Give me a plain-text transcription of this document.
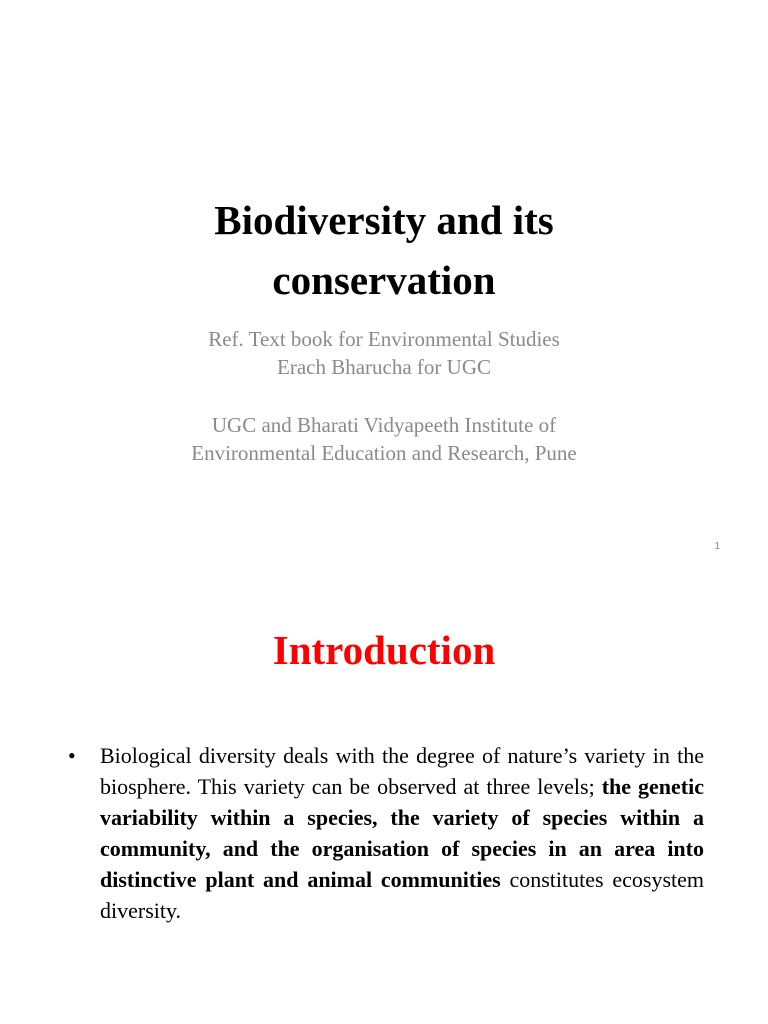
Biodiversity and its
conservation
Ref. Text book for Environmental Studies
Erach Bharucha for UGC
UGC and Bharati Vidyapeeth Institute of
Environmental Education and Research, Pune
1
Introduction
• Biological diversity deals with the degree of nature’s variety in the biosphere. This variety can be observed at three levels; the genetic variability within a species, the variety of species within a community, and the organisation of species in an area into distinctive plant and animal communities constitutes ecosystem diversity.
